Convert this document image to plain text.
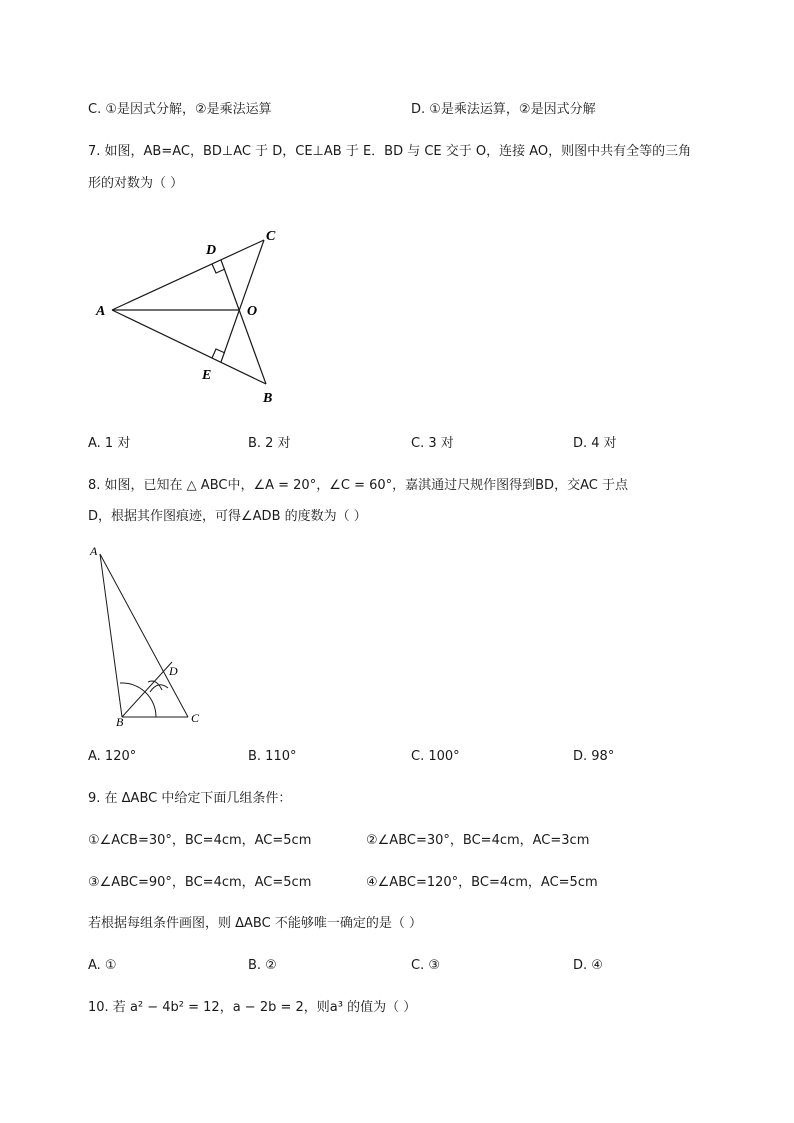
C. ①是因式分解，②是乘法运算	D. ①是乘法运算，②是因式分解
7. 如图，AB=AC，BD⊥AC 于 D，CE⊥AB 于 E．BD 与 CE 交于 O，连接 AO，则图中共有全等的三角
形的对数为（ ）
A
B
C
D
E
O
A. 1 对	B. 2 对	C. 3 对	D. 4 对
8. 如图，已知在 △ ABC中，∠A = 20°，∠C = 60°，嘉淇通过尺规作图得到BD，交AC 于点
D，根据其作图痕迹，可得∠ADB 的度数为（ ）
A
B	C
D
A. 120°	B. 110°	C. 100°	D. 98°
9. 在 ΔABC 中给定下面几组条件：
①∠ACB=30°，BC=4cm，AC=5cm	②∠ABC=30°，BC=4cm，AC=3cm
③∠ABC=90°，BC=4cm，AC=5cm	④∠ABC=120°，BC=4cm，AC=5cm
若根据每组条件画图，则 ΔABC 不能够唯一确定的是（ ）
A. ①	B. ②	C. ③	D. ④
10. 若 a² − 4b² = 12，a − 2b = 2，则a³ 的值为（ ）
